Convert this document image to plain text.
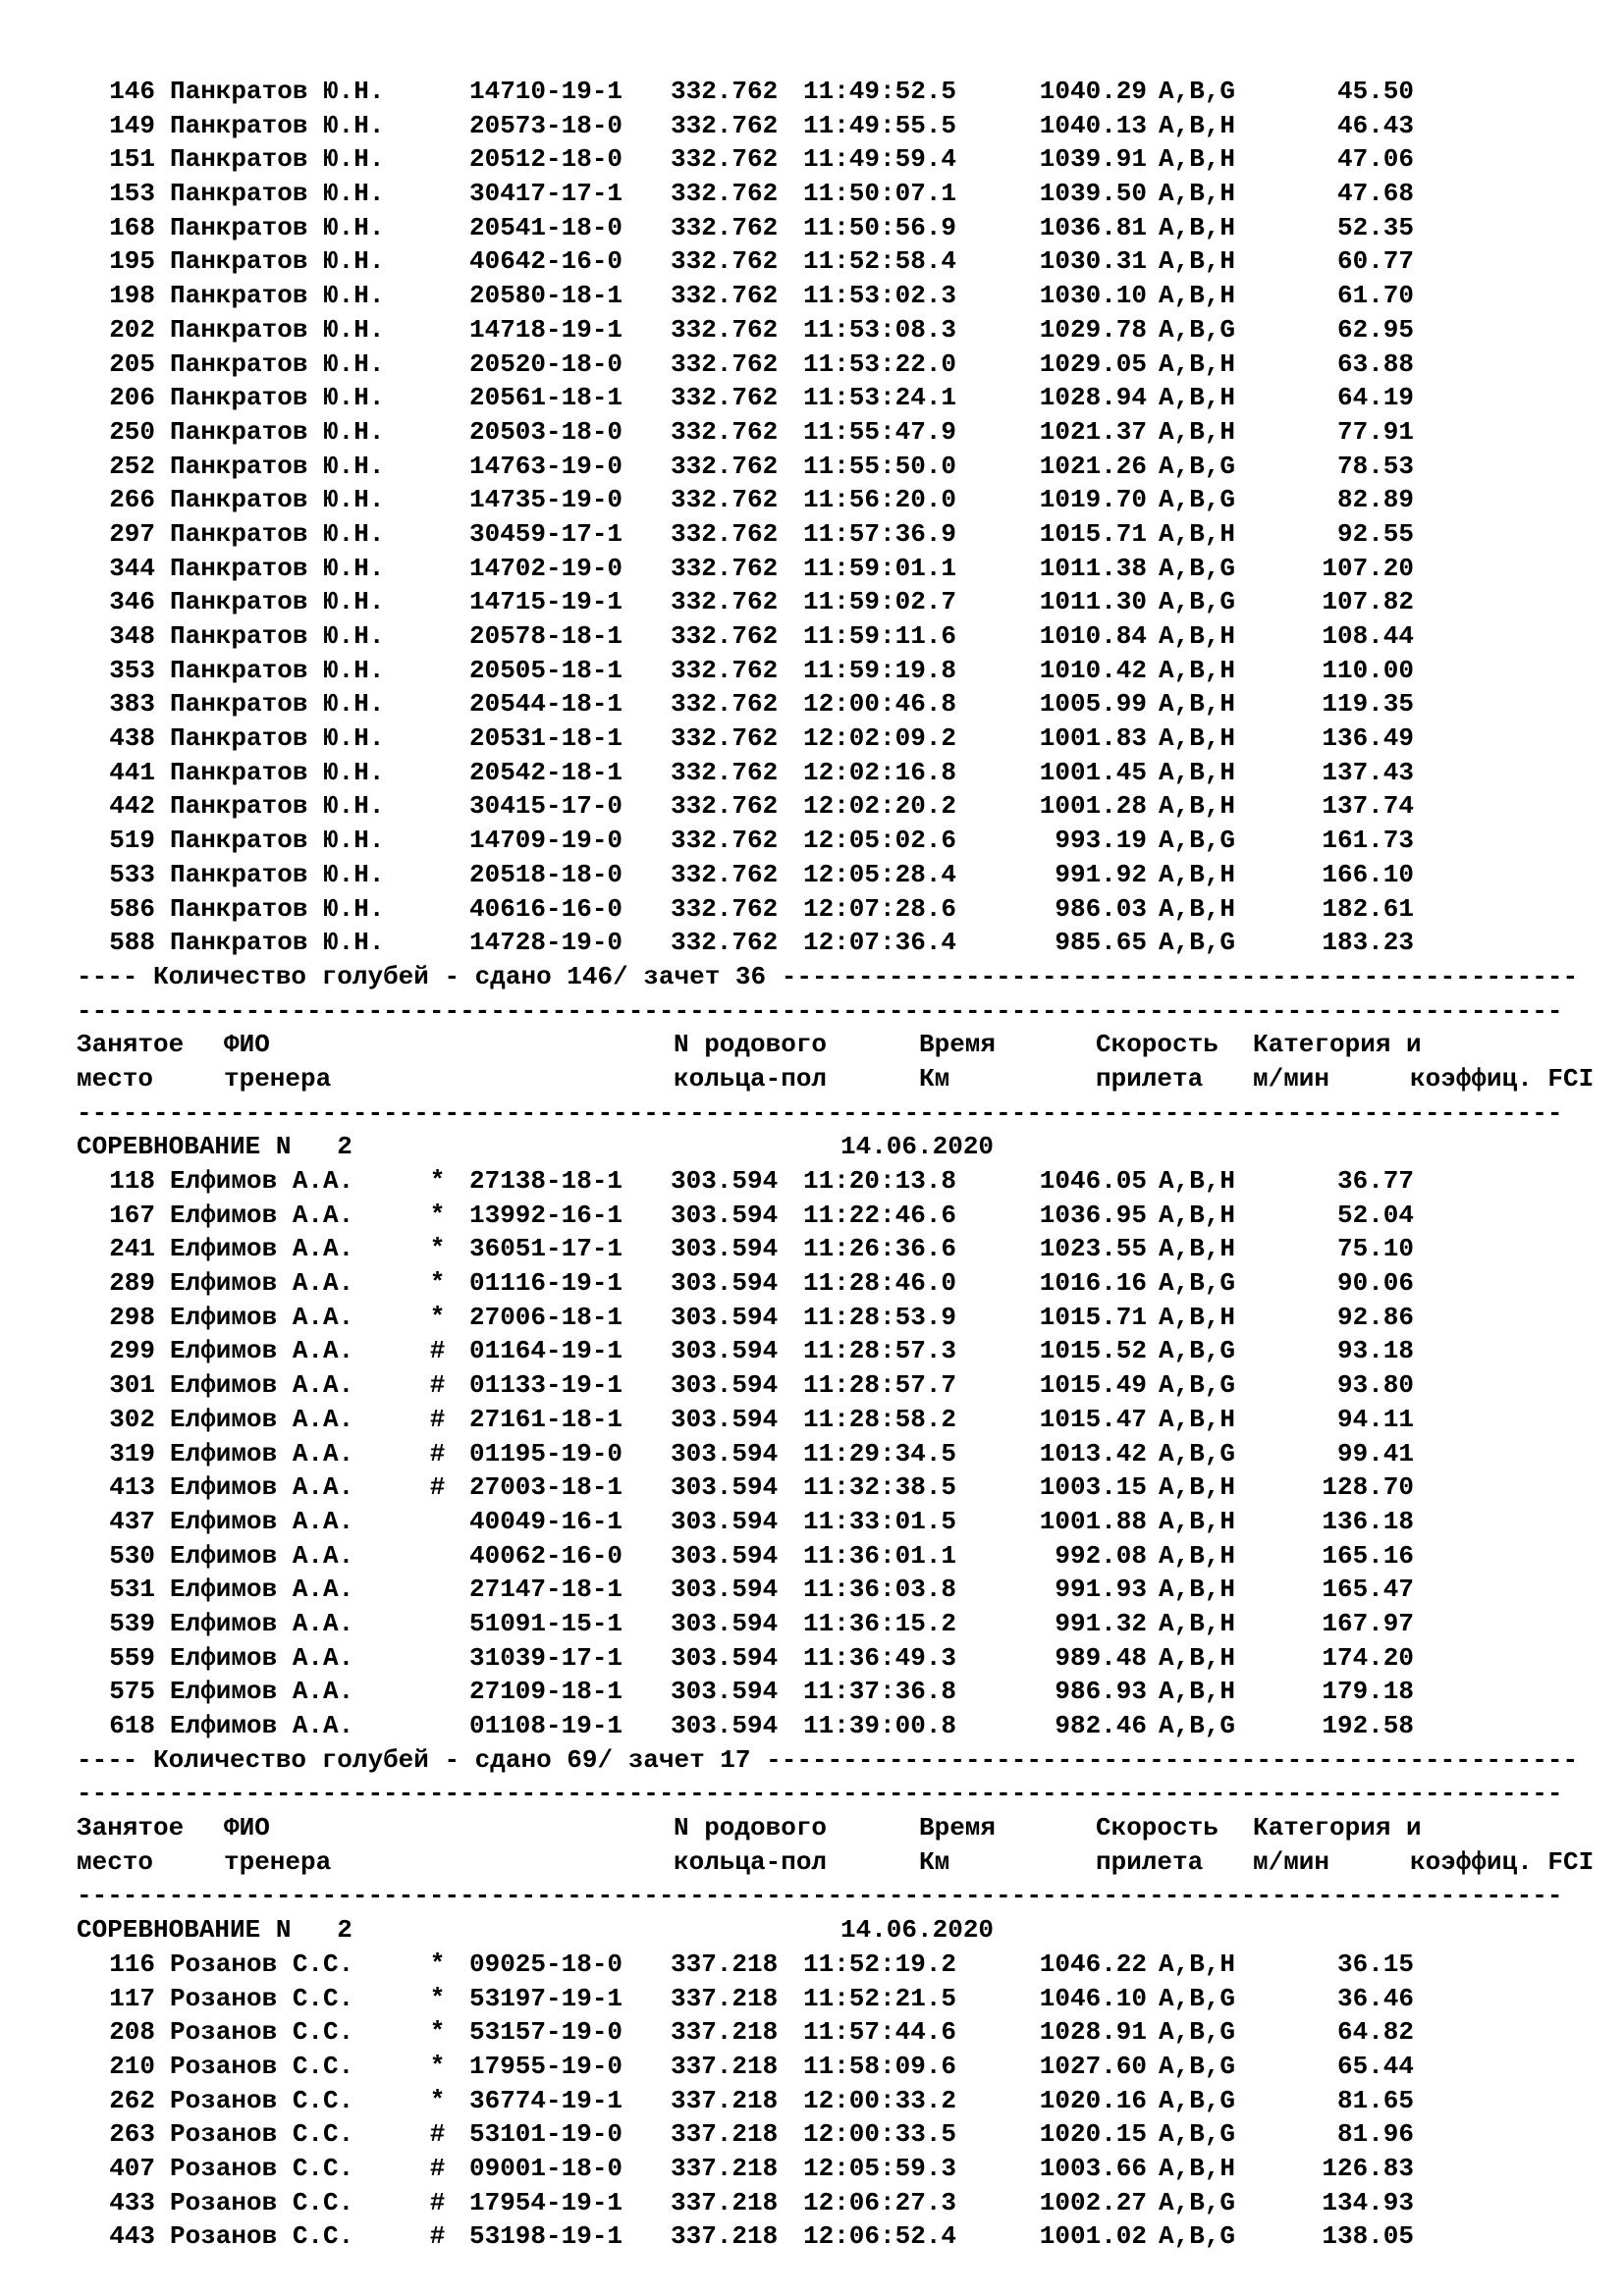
146 Панкратов Ю.Н.	14710-19-1 332.762 11:49:52.5	1040.29 A,B,G	45.50
149 Панкратов Ю.Н.	20573-18-0 332.762 11:49:55.5	1040.13 A,B,H	46.43
151 Панкратов Ю.Н.	20512-18-0 332.762 11:49:59.4	1039.91 A,B,H	47.06
153 Панкратов Ю.Н.	30417-17-1 332.762 11:50:07.1	1039.50 A,B,H	47.68
168 Панкратов Ю.Н.	20541-18-0 332.762 11:50:56.9	1036.81 A,B,H	52.35
195 Панкратов Ю.Н.	40642-16-0 332.762 11:52:58.4	1030.31 A,B,H	60.77
198 Панкратов Ю.Н.	20580-18-1 332.762 11:53:02.3	1030.10 A,B,H	61.70
202 Панкратов Ю.Н.	14718-19-1 332.762 11:53:08.3	1029.78 A,B,G	62.95
205 Панкратов Ю.Н.	20520-18-0 332.762 11:53:22.0	1029.05 A,B,H	63.88
206 Панкратов Ю.Н.	20561-18-1 332.762 11:53:24.1	1028.94 A,B,H	64.19
250 Панкратов Ю.Н.	20503-18-0 332.762 11:55:47.9	1021.37 A,B,H	77.91
252 Панкратов Ю.Н.	14763-19-0 332.762 11:55:50.0	1021.26 A,B,G	78.53
266 Панкратов Ю.Н.	14735-19-0 332.762 11:56:20.0	1019.70 A,B,G	82.89
297 Панкратов Ю.Н.	30459-17-1 332.762 11:57:36.9	1015.71 A,B,H	92.55
344 Панкратов Ю.Н.	14702-19-0 332.762 11:59:01.1	1011.38 A,B,G	107.20
346 Панкратов Ю.Н.	14715-19-1 332.762 11:59:02.7	1011.30 A,B,G	107.82
348 Панкратов Ю.Н.	20578-18-1 332.762 11:59:11.6	1010.84 A,B,H	108.44
353 Панкратов Ю.Н.	20505-18-1 332.762 11:59:19.8	1010.42 A,B,H	110.00
383 Панкратов Ю.Н.	20544-18-1 332.762 12:00:46.8	1005.99 A,B,H	119.35
438 Панкратов Ю.Н.	20531-18-1 332.762 12:02:09.2	1001.83 A,B,H	136.49
441 Панкратов Ю.Н.	20542-18-1 332.762 12:02:16.8	1001.45 A,B,H	137.43
442 Панкратов Ю.Н.	30415-17-0 332.762 12:02:20.2	1001.28 A,B,H	137.74
519 Панкратов Ю.Н.	14709-19-0 332.762 12:05:02.6	993.19 A,B,G	161.73
533 Панкратов Ю.Н.	20518-18-0 332.762 12:05:28.4	991.92 A,B,H	166.10
586 Панкратов Ю.Н.	40616-16-0 332.762 12:07:28.6	986.03 A,B,H	182.61
588 Панкратов Ю.Н.	14728-19-0 332.762 12:07:36.4	985.65 A,B,G	183.23
---- Количество голубей - сдано 146/ зачет 36 ----------------------------------------------------
-------------------------------------------------------------------------------------------------
Занятое ФИО	N родового	Время	Скорость Категория и
место	тренера	кольца-пол	Км	прилета м/мин	коэффиц. FCI
-------------------------------------------------------------------------------------------------
СОРЕВНОВАНИЕ N   2	14.06.2020
118 Елфимов А.А.	* 27138-18-1 303.594 11:20:13.8	1046.05 A,B,H	36.77
167 Елфимов А.А.	* 13992-16-1 303.594 11:22:46.6	1036.95 A,B,H	52.04
241 Елфимов А.А.	* 36051-17-1 303.594 11:26:36.6	1023.55 A,B,H	75.10
289 Елфимов А.А.	* 01116-19-1 303.594 11:28:46.0	1016.16 A,B,G	90.06
298 Елфимов А.А.	* 27006-18-1 303.594 11:28:53.9	1015.71 A,B,H	92.86
299 Елфимов А.А.	# 01164-19-1 303.594 11:28:57.3	1015.52 A,B,G	93.18
301 Елфимов А.А.	# 01133-19-1 303.594 11:28:57.7	1015.49 A,B,G	93.80
302 Елфимов А.А.	# 27161-18-1 303.594 11:28:58.2	1015.47 A,B,H	94.11
319 Елфимов А.А.	# 01195-19-0 303.594 11:29:34.5	1013.42 A,B,G	99.41
413 Елфимов А.А.	# 27003-18-1 303.594 11:32:38.5	1003.15 A,B,H	128.70
437 Елфимов А.А.	40049-16-1 303.594 11:33:01.5	1001.88 A,B,H	136.18
530 Елфимов А.А.	40062-16-0 303.594 11:36:01.1	992.08 A,B,H	165.16
531 Елфимов А.А.	27147-18-1 303.594 11:36:03.8	991.93 A,B,H	165.47
539 Елфимов А.А.	51091-15-1 303.594 11:36:15.2	991.32 A,B,H	167.97
559 Елфимов А.А.	31039-17-1 303.594 11:36:49.3	989.48 A,B,H	174.20
575 Елфимов А.А.	27109-18-1 303.594 11:37:36.8	986.93 A,B,H	179.18
618 Елфимов А.А.	01108-19-1 303.594 11:39:00.8	982.46 A,B,G	192.58
---- Количество голубей - сдано 69/ зачет 17 -----------------------------------------------------
-------------------------------------------------------------------------------------------------
Занятое ФИО	N родового	Время	Скорость Категория и
место	тренера	кольца-пол	Км	прилета м/мин	коэффиц. FCI
-------------------------------------------------------------------------------------------------
СОРЕВНОВАНИЕ N   2	14.06.2020
116 Розанов С.С.	* 09025-18-0 337.218 11:52:19.2	1046.22 A,B,H	36.15
117 Розанов С.С.	* 53197-19-1 337.218 11:52:21.5	1046.10 A,B,G	36.46
208 Розанов С.С.	* 53157-19-0 337.218 11:57:44.6	1028.91 A,B,G	64.82
210 Розанов С.С.	* 17955-19-0 337.218 11:58:09.6	1027.60 A,B,G	65.44
262 Розанов С.С.	* 36774-19-1 337.218 12:00:33.2	1020.16 A,B,G	81.65
263 Розанов С.С.	# 53101-19-0 337.218 12:00:33.5	1020.15 A,B,G	81.96
407 Розанов С.С.	# 09001-18-0 337.218 12:05:59.3	1003.66 A,B,H	126.83
433 Розанов С.С.	# 17954-19-1 337.218 12:06:27.3	1002.27 A,B,G	134.93
443 Розанов С.С.	# 53198-19-1 337.218 12:06:52.4	1001.02 A,B,G	138.05
